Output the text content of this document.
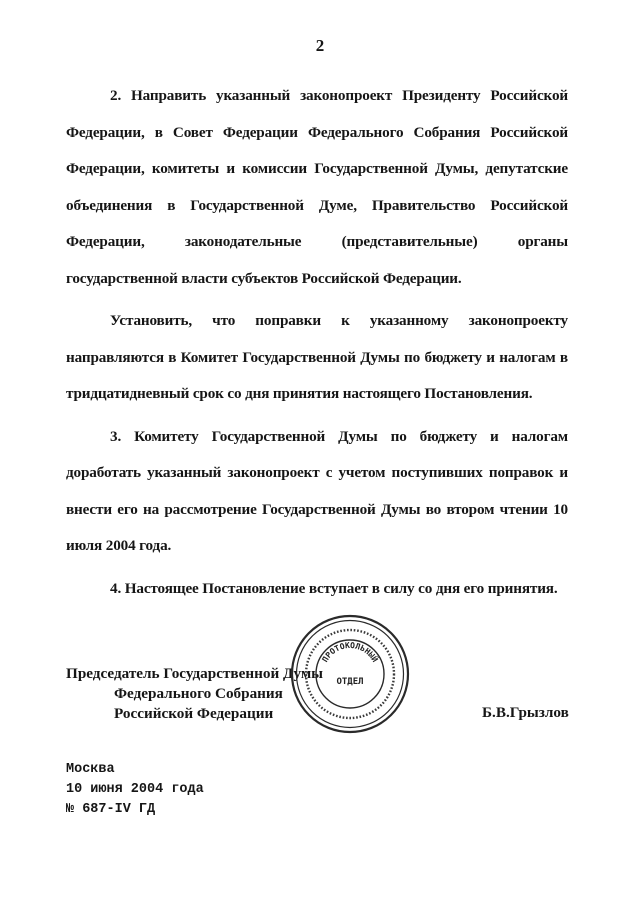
2

2. Направить указанный законопроект Президенту Российской Федерации, в Совет Федерации Федерального Собрания Российской Федерации, комитеты и комиссии Государственной Думы, депутатские объединения в Государственной Думе, Правительство Российской Федерации, законодательные (представительные) органы государственной власти субъектов Российской Федерации.

Установить, что поправки к указанному законопроекту направляются в Комитет Государственной Думы по бюджету и налогам в тридцатидневный срок со дня принятия настоящего Постановления.

3. Комитету Государственной Думы по бюджету и налогам доработать указанный законопроект с учетом поступивших поправок и внести его на рассмотрение Государственной Думы во втором чтении 10 июля 2004 года.

4. Настоящее Постановление вступает в силу со дня его принятия.

Председатель Государственной Думы
Федерального Собрания
Российской Федерации	Б.В.Грызлов
ПРОТОКОЛЬНЫЙ
ОТДЕЛ
Москва
10 июня 2004 года
№ 687-IV ГД
